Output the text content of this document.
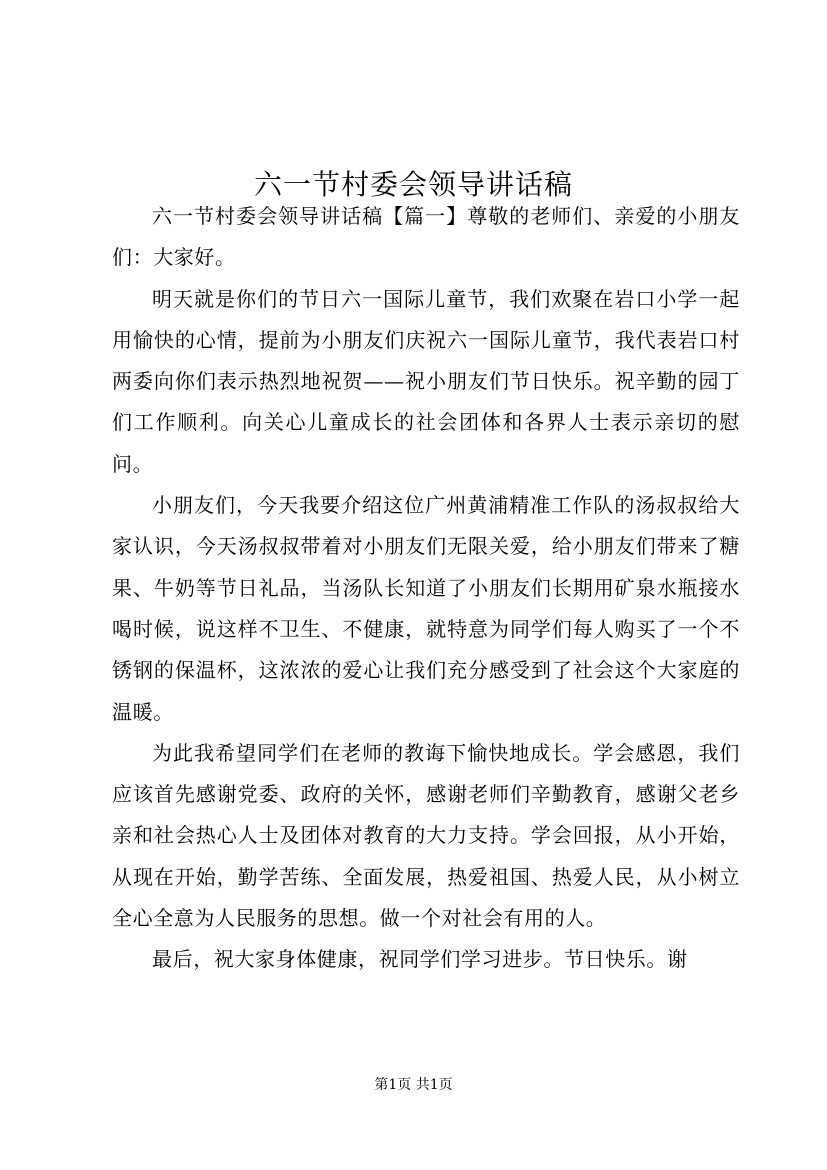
六一节村委会领导讲话稿

六一节村委会领导讲话稿【篇一】尊敬的老师们、亲爱的小朋友们：大家好。

明天就是你们的节日六一国际儿童节，我们欢聚在岩口小学一起用愉快的心情，提前为小朋友们庆祝六一国际儿童节，我代表岩口村两委向你们表示热烈地祝贺——祝小朋友们节日快乐。祝辛勤的园丁们工作顺利。向关心儿童成长的社会团体和各界人士表示亲切的慰问。

小朋友们，今天我要介绍这位广州黄浦精准工作队的汤叔叔给大家认识，今天汤叔叔带着对小朋友们无限关爱，给小朋友们带来了糖果、牛奶等节日礼品，当汤队长知道了小朋友们长期用矿泉水瓶接水喝时候，说这样不卫生、不健康，就特意为同学们每人购买了一个不锈钢的保温杯，这浓浓的爱心让我们充分感受到了社会这个大家庭的温暖。

为此我希望同学们在老师的教诲下愉快地成长。学会感恩，我们应该首先感谢党委、政府的关怀，感谢老师们辛勤教育，感谢父老乡亲和社会热心人士及团体对教育的大力支持。学会回报，从小开始，从现在开始，勤学苦练、全面发展，热爱祖国、热爱人民，从小树立全心全意为人民服务的思想。做一个对社会有用的人。

最后，祝大家身体健康，祝同学们学习进步。节日快乐。谢

第1页 共1页
